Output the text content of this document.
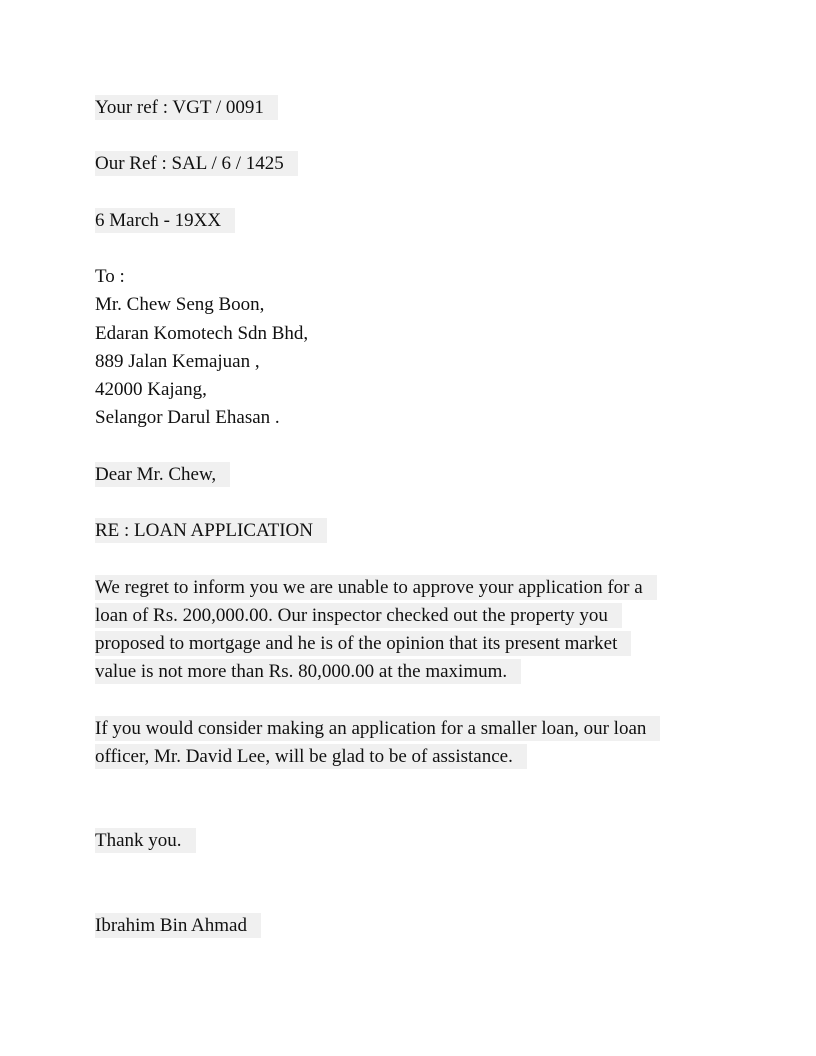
Your ref : VGT / 0091
Our Ref : SAL / 6 / 1425
6 March - 19XX
To :
Mr. Chew Seng Boon,
Edaran Komotech Sdn Bhd,
889 Jalan Kemajuan ,
42000 Kajang,
Selangor Darul Ehasan .
Dear Mr. Chew,
RE : LOAN APPLICATION
We regret to inform you we are unable to approve your application for a
loan of Rs. 200,000.00. Our inspector checked out the property you
proposed to mortgage and he is of the opinion that its present market
value is not more than Rs. 80,000.00 at the maximum.
If you would consider making an application for a smaller loan, our loan
officer, Mr. David Lee, will be glad to be of assistance.
Thank you.
Ibrahim Bin Ahmad
